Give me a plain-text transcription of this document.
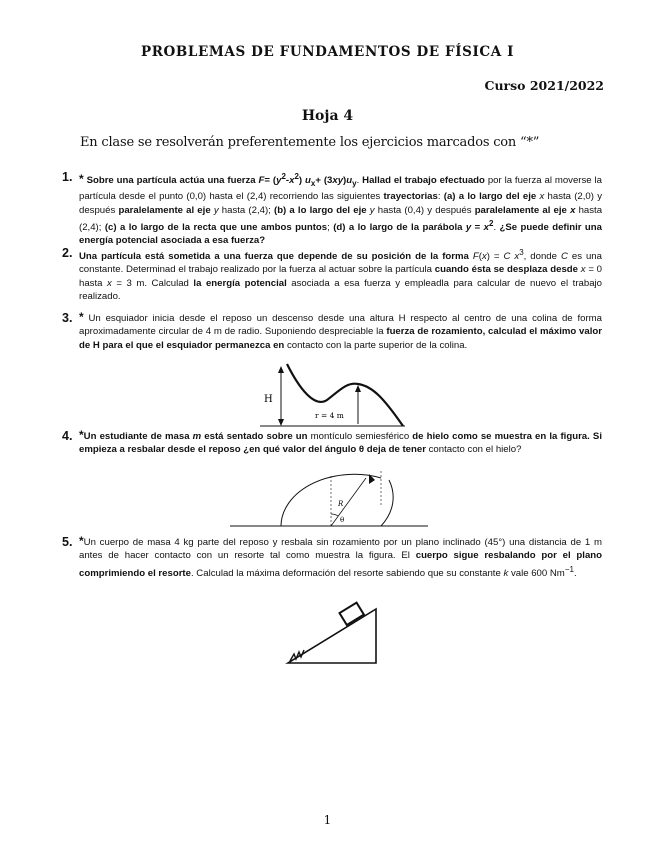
PROBLEMAS DE FUNDAMENTOS DE FÍSICA I
Curso 2021/2022
Hoja 4
En clase se resolverán preferentemente los ejercicios marcados con “*”
1. * Sobre una partícula actúa una fuerza $F= (y^2-x^2)$ $u_x+ (3xy)u_y$. Hallad el trabajo efectuado por la fuerza al moverse la partícula desde el punto (0,0) hasta el (2,4) recorriendo las siguientes trayectorias: (a) a lo largo del eje x hasta (2,0) y después paralelamente al eje y hasta (2,4); (b) a lo largo del eje y hasta (0,4) y después paralelamente al eje x hasta (2,4); (c) a lo largo de la recta que une ambos puntos; (d) a lo largo de la parábola $y = x^2$. ¿Se puede definir una energía potencial asociada a esa fuerza?
2. Una partícula está sometida a una fuerza que depende de su posición de la forma F(x) = C $x^3$, donde C es una constante. Determinad el trabajo realizado por la fuerza al actuar sobre la partícula cuando ésta se desplaza desde x = 0 hasta x = 3 m. Calculad la energía potencial asociada a esa fuerza y empleadla para calcular de nuevo el trabajo realizado.
3. * Un esquiador inicia desde el reposo un descenso desde una altura H respecto al centro de una colina de forma aproximadamente circular de 4 m de radio. Suponiendo despreciable la fuerza de rozamiento, calculad el máximo valor de H para el que el esquiador permanezca en contacto con la parte superior de la colina.
H
r = 4 m
4. *Un estudiante de masa m está sentado sobre un montículo semiesférico de hielo como se muestra en la figura. Si empieza a resbalar desde el reposo ¿en qué valor del ángulo θ deja de tener contacto con el hielo?
R
θ
5. *Un cuerpo de masa 4 kg parte del reposo y resbala sin rozamiento por un plano inclinado (45°) una distancia de 1 m antes de hacer contacto con un resorte tal como muestra la figura. El cuerpo sigue resbalando por el plano comprimiendo el resorte. Calculad la máxima deformación del resorte sabiendo que su constante k vale 600 $Nm^{-1}$.
1
